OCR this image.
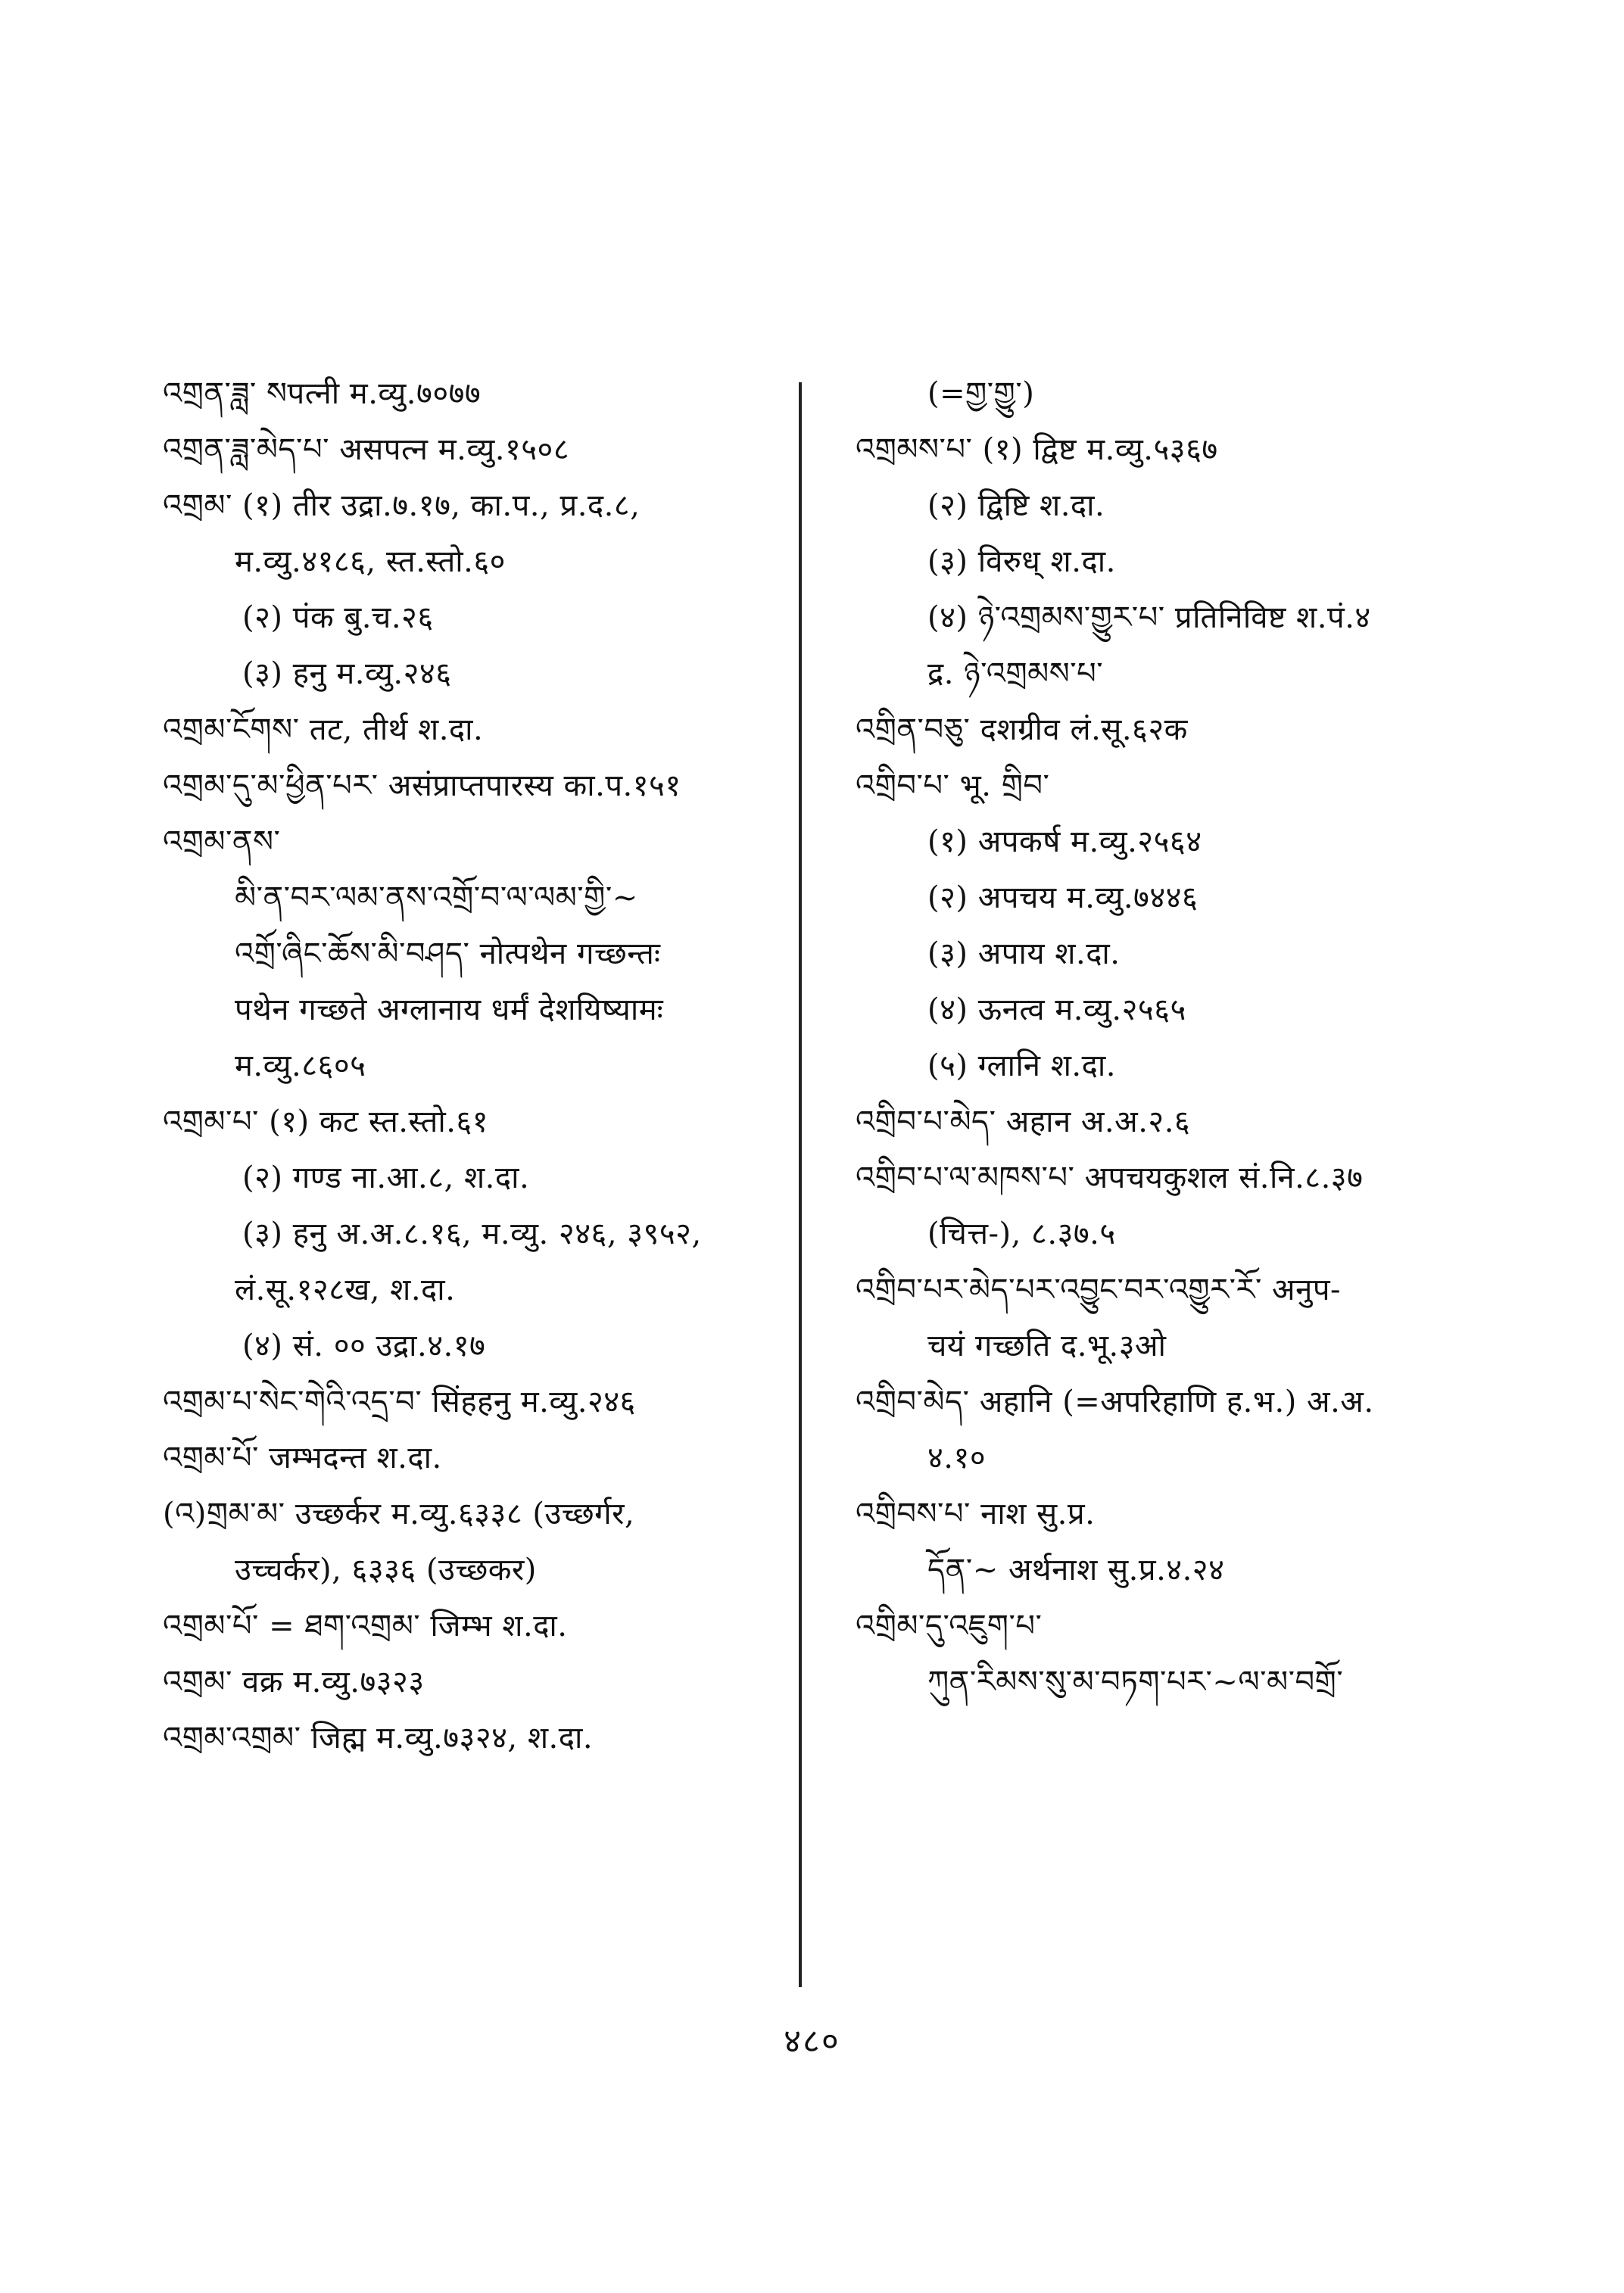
འགྲན་ཟླ་ སपत्नी म.व्यु.७०७७
འགྲན་ཟླ་མེད་པ་ असपत्न म.व्यु.१५०८
འགྲམ་ (१) तीर उद्रा.७.१७, का.प., प्र.द.८,
म.व्यु.४१८६, स्त.स्तो.६०
(२) पंक बु.च.२६
(३) हनु म.व्यु.२४६
འགྲམ་ངོགས་ तट, तीर्थ श.दा.
འགྲམ་དུ་མ་ཕྱིན་པར་ असंप्राप्तपारस्य का.प.१५१
འགྲམ་ནས་
མི་ན་བར་ལམ་ནས་འགྲོ་བ་ལ་ལམ་གྱི་~
འགྲོ་ཞིང་ཆོས་མི་བཤད་ नोत्पथेन गच्छन्तः
पथेन गच्छते अग्लानाय धर्मं देशयिष्यामः
म.व्यु.८६०५
འགྲམ་པ་ (१) कट स्त.स्तो.६१
(२) गण्ड ना.आ.८, श.दा.
(३) हनु अ.अ.८.१६, म.व्यु. २४६, ३९५२,
लं.सू.१२८ख, श.दा.
(४) सं. ०० उद्रा.४.१७
འགྲམ་པ་སེང་གེའི་འདྲ་བ་ सिंहहनु म.व्यु.२४६
འགྲམ་པོ་ जम्भदन्त श.दा.
(འ)གྲམ་མ་ उच्छर्कर म.व्यु.६३३८ (उच्छर्गर,
उच्चर्कर), ६३३६ (उच्छकर)
འགྲམ་པོ་ = ཐག་འགྲམ་ जिम्भ श.दा.
འགྲམ་ वक्र म.व्यु.७३२३
འགྲམ་འགྲམ་ जिह्म म.व्यु.७३२४, श.दा.
(=གྱ་གྱུ་)
འགྲམས་པ་ (१) द्विष्ट म.व्यु.५३६७
(२) द्विष्टि श.दा.
(३) विरुध् श.दा.
(४) ཉེ་འགྲམས་གྱུར་པ་ प्रतिनिविष्ट श.पं.४
द्र. ཉེ་འགྲམས་པ་
འགྲིན་བཅུ་ दशग्रीव लं.सू.६२क
འགྲིབ་པ་ भू. གྲིབ་
(१) अपकर्ष म.व्यु.२५६४
(२) अपचय म.व्यु.७४४६
(३) अपाय श.दा.
(४) ऊनत्व म.व्यु.२५६५
(५) ग्लानि श.दा.
འགྲིབ་པ་མེད་ अहान अ.अ.२.६
འགྲིབ་པ་ལ་མཁས་པ་ अपचयकुशल सं.नि.८.३७
(चित्त-), ८.३७.५
འགྲིབ་པར་མེད་པར་འབྱུང་བར་འགྱུར་རོ་ अनुप-
चयं गच्छति द.भू.३ओ
འགྲིབ་མེད་ अहानि (=अपरिहाणि ह.भ.) अ.अ.
४.१०
འགྲིབས་པ་ नाश सु.प्र.
དོན་~ अर्थनाश सु.प्र.४.२४
འགྲིམ་དུ་འཇུག་པ་
ཀུན་རིམས་སུ་མ་བཏག་པར་~ལ་མ་བགྲོ་
४८०
